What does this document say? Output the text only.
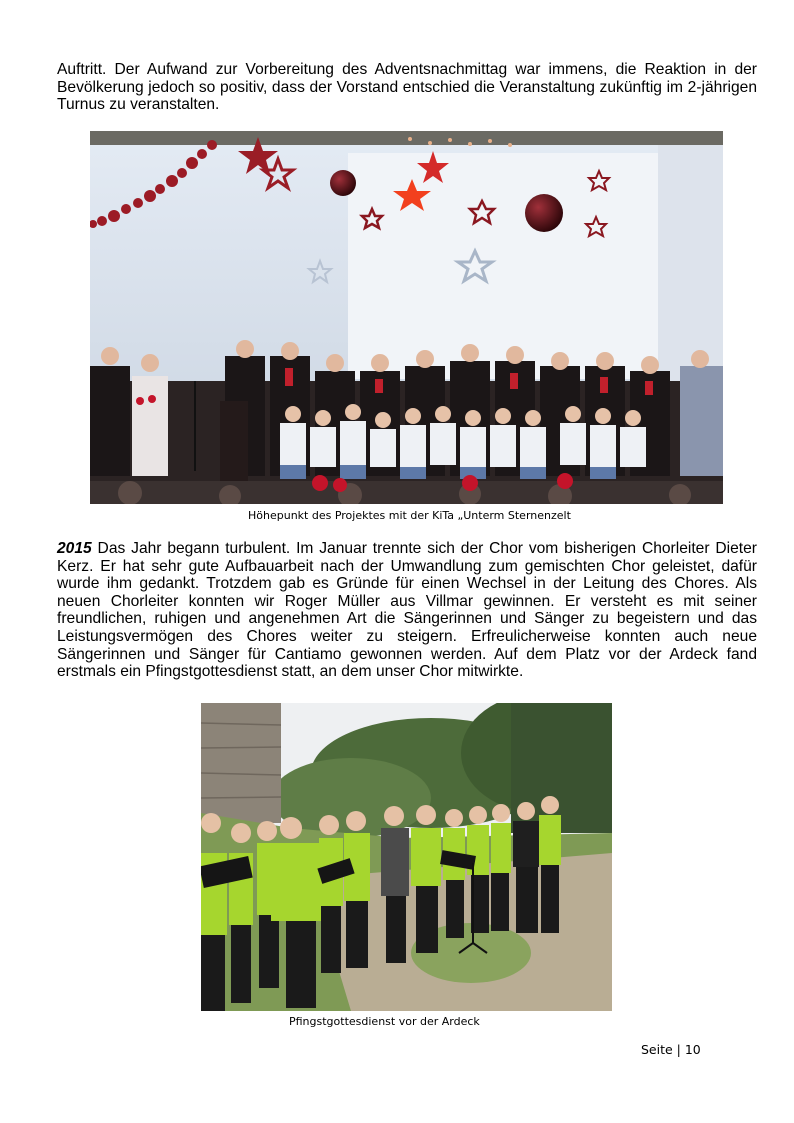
Auftritt. Der Aufwand zur Vorbereitung des Adventsnachmittag war immens, die Reaktion in der Bevölkerung jedoch so positiv, dass der Vorstand entschied die Veranstaltung zukünftig im 2-jährigen Turnus zu veranstalten.
Höhepunkt des Projektes mit der KiTa „Unterm Sternenzelt
2015 Das Jahr begann turbulent. Im Januar trennte sich der Chor vom bisherigen Chorleiter Dieter Kerz. Er hat sehr gute Aufbauarbeit nach der Umwandlung zum gemischten Chor geleistet, dafür wurde ihm gedankt. Trotzdem gab es Gründe für einen Wechsel in der Leitung des Chores. Als neuen Chorleiter konnten wir Roger Müller aus Villmar gewinnen. Er versteht es mit seiner freundlichen, ruhigen und angenehmen Art die Sängerinnen und Sänger zu begeistern und das Leistungsvermögen des Chores weiter zu steigern. Erfreulicherweise konnten auch neue Sängerinnen und Sänger für Cantiamo gewonnen werden. Auf dem Platz vor der Ardeck fand erstmals ein Pfingstgottesdienst statt, an dem unser Chor mitwirkte.
Pfingstgottesdienst vor der Ardeck
Seite | 10
